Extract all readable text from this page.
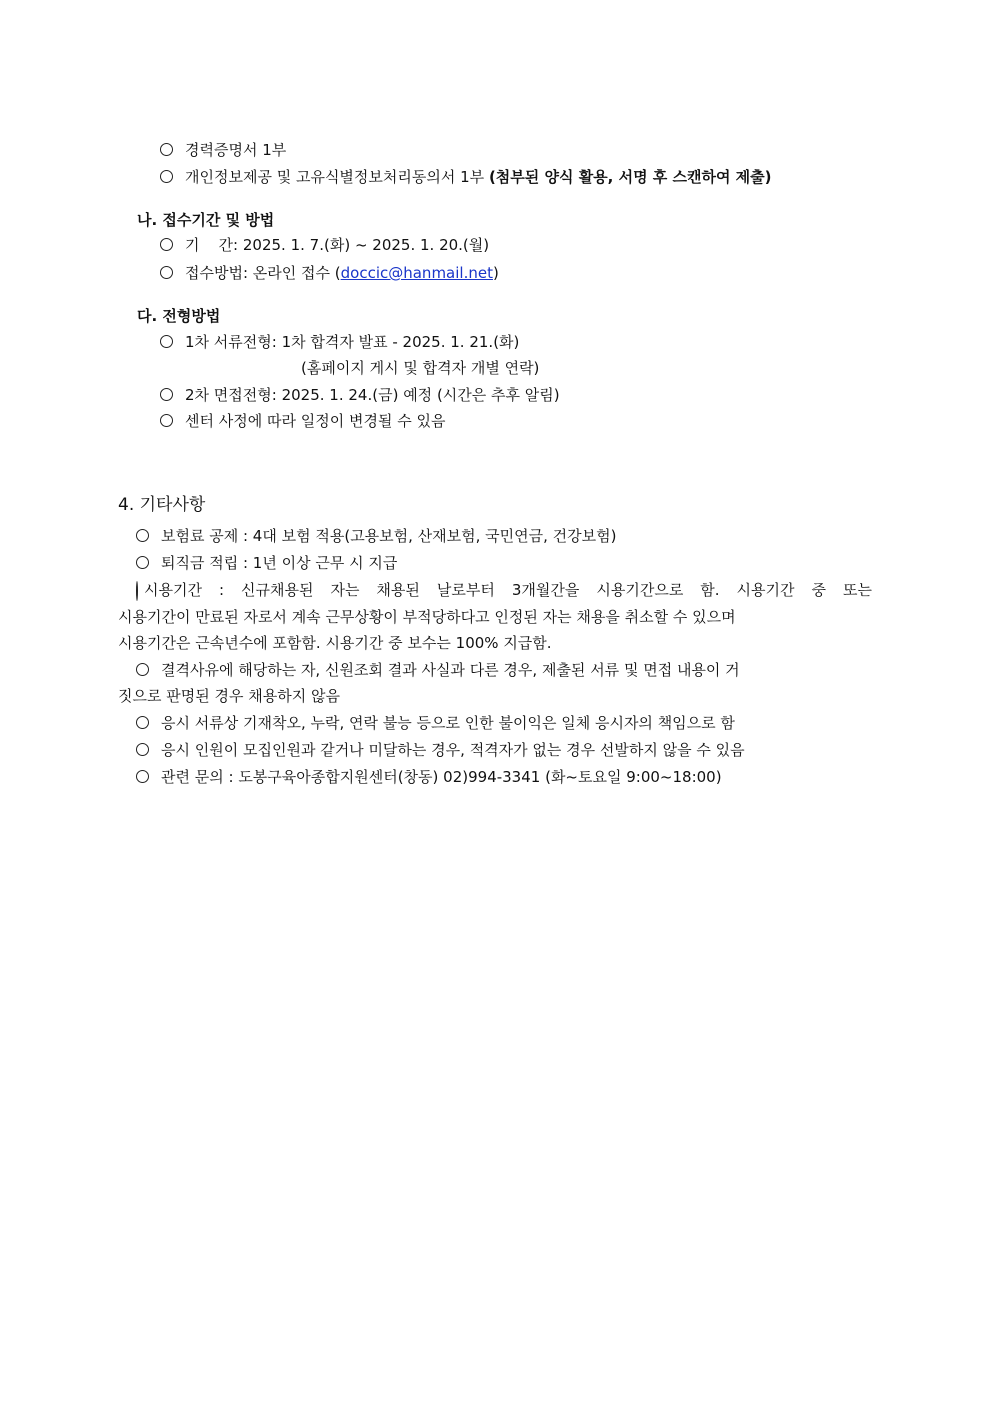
경력증명서 1부
개인정보제공 및 고유식별정보처리동의서 1부 (첨부된 양식 활용, 서명 후 스캔하여 제출)
나. 접수기간 및 방법
기    간: 2025. 1. 7.(화) ~ 2025. 1. 20.(월)
접수방법: 온라인 접수 (doccic@hanmail.net)
다. 전형방법
1차 서류전형: 1차 합격자 발표 - 2025. 1. 21.(화)
(홈페이지 게시 및 합격자 개별 연락)
2차 면접전형: 2025. 1. 24.(금) 예정 (시간은 추후 알림)
센터 사정에 따라 일정이 변경될 수 있음
4. 기타사항
보험료 공제 : 4대 보험 적용(고용보험, 산재보험, 국민연금, 건강보험)
퇴직금 적립 : 1년 이상 근무 시 지급
시용기간 : 신규채용된 자는 채용된 날로부터 3개월간을 시용기간으로 함. 시용기간 중 또는
시용기간이 만료된 자로서 계속 근무상황이 부적당하다고 인정된 자는 채용을 취소할 수 있으며
시용기간은 근속년수에 포함함. 시용기간 중 보수는 100% 지급함.
결격사유에 해당하는 자, 신원조회 결과 사실과 다른 경우, 제출된 서류 및 면접 내용이 거
짓으로 판명된 경우 채용하지 않음
응시 서류상 기재착오, 누락, 연락 불능 등으로 인한 불이익은 일체 응시자의 책임으로 함
응시 인원이 모집인원과 같거나 미달하는 경우, 적격자가 없는 경우 선발하지 않을 수 있음
관련 문의 : 도봉구육아종합지원센터(창동) 02)994-3341 (화~토요일 9:00~18:00)
